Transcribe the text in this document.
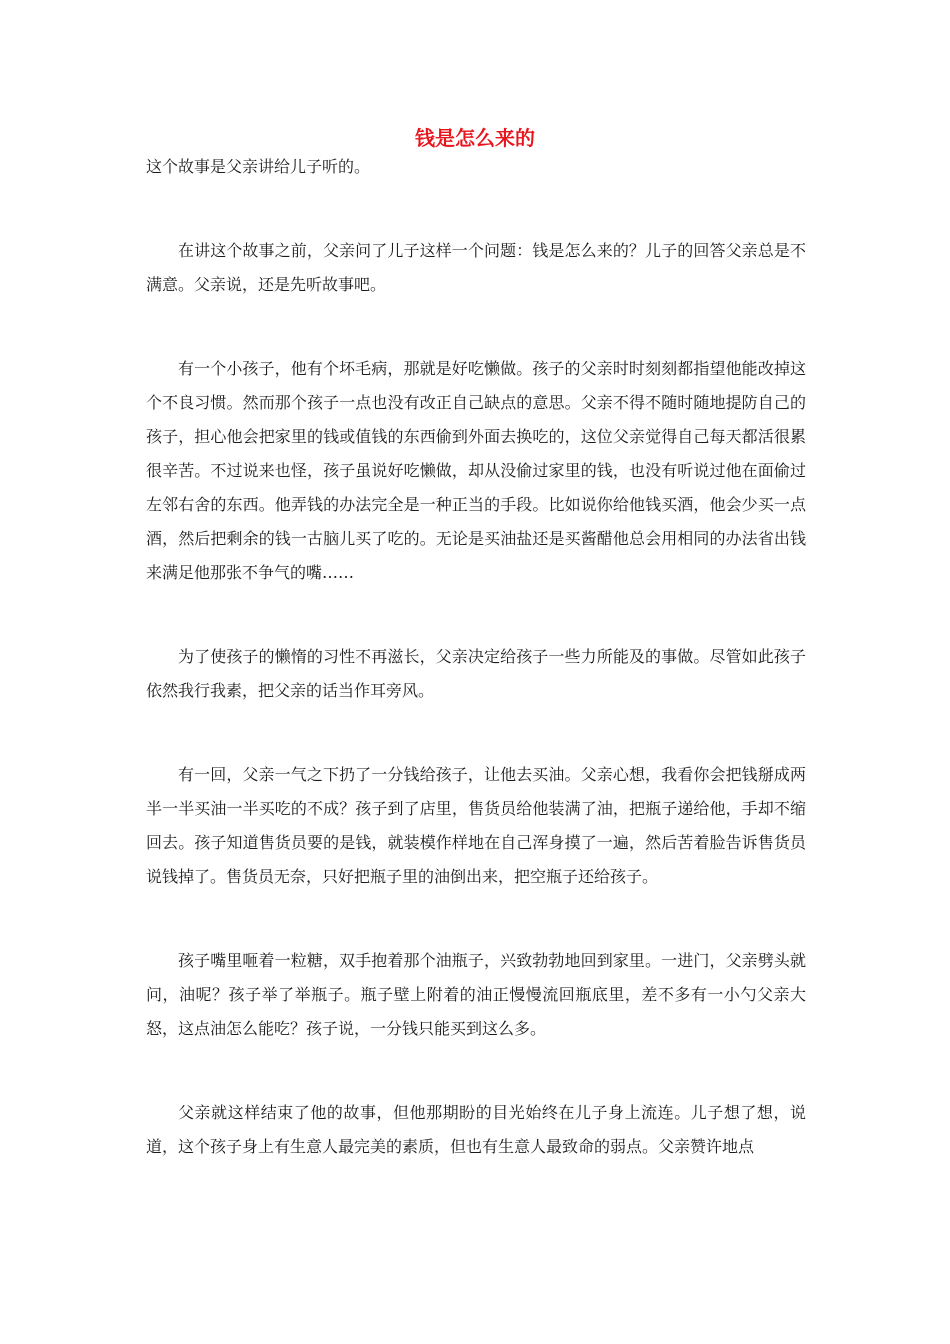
钱是怎么来的

这个故事是父亲讲给儿子听的。

在讲这个故事之前，父亲问了儿子这样一个问题：钱是怎么来的？儿子的回答父亲总是不满意。父亲说，还是先听故事吧。

有一个小孩子，他有个坏毛病，那就是好吃懒做。孩子的父亲时时刻刻都指望他能改掉这个不良习惯。然而那个孩子一点也没有改正自己缺点的意思。父亲不得不随时随地提防自己的孩子，担心他会把家里的钱或值钱的东西偷到外面去换吃的，这位父亲觉得自己每天都活很累很辛苦。不过说来也怪，孩子虽说好吃懒做，却从没偷过家里的钱，也没有听说过他在面偷过左邻右舍的东西。他弄钱的办法完全是一种正当的手段。比如说你给他钱买酒，他会少买一点酒，然后把剩余的钱一古脑儿买了吃的。无论是买油盐还是买酱醋他总会用相同的办法省出钱来满足他那张不争气的嘴……

为了使孩子的懒惰的习性不再滋长，父亲决定给孩子一些力所能及的事做。尽管如此孩子依然我行我素，把父亲的话当作耳旁风。

有一回，父亲一气之下扔了一分钱给孩子，让他去买油。父亲心想，我看你会把钱掰成两半一半买油一半买吃的不成？孩子到了店里，售货员给他装满了油，把瓶子递给他，手却不缩回去。孩子知道售货员要的是钱，就装模作样地在自己浑身摸了一遍，然后苦着脸告诉售货员说钱掉了。售货员无奈，只好把瓶子里的油倒出来，把空瓶子还给孩子。

孩子嘴里咂着一粒糖，双手抱着那个油瓶子，兴致勃勃地回到家里。一进门，父亲劈头就问，油呢？孩子举了举瓶子。瓶子壁上附着的油正慢慢流回瓶底里，差不多有一小勺父亲大怒，这点油怎么能吃？孩子说，一分钱只能买到这么多。

父亲就这样结束了他的故事，但他那期盼的目光始终在儿子身上流连。儿子想了想，说道，这个孩子身上有生意人最完美的素质，但也有生意人最致命的弱点。父亲赞许地点
